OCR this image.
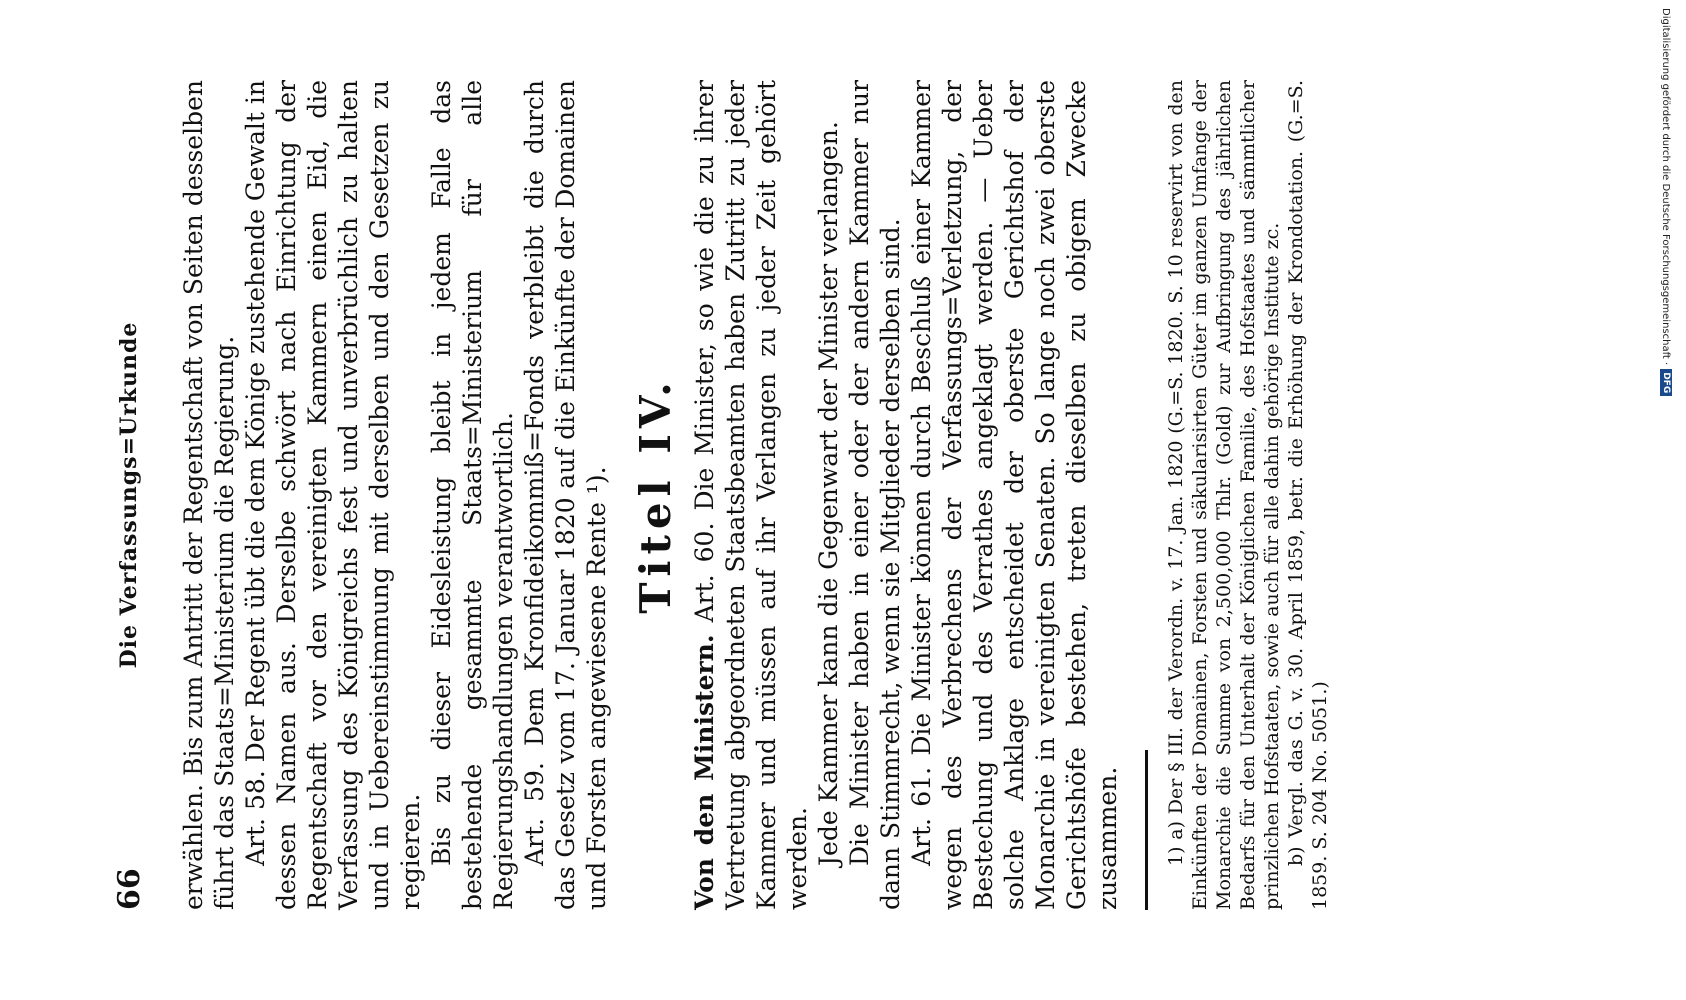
66
Die Verfassungs=Urkunde erwählen. Bis zum Antritt der Regentschaft von Seiten desselben führt das Staats=Ministerium die Regierung. Art. 58. Der Regent übt die dem Könige zustehende Gewalt in dessen Namen aus. Derselbe schwört nach Einrichtung der Regentschaft vor den vereinigten Kammern einen Eid, die Verfassung des Königreichs fest und unverbrüchlich zu halten und in Uebereinstimmung mit derselben und den Gesetzen zu regieren. Bis zu dieser Eidesleistung bleibt in jedem Falle das bestehende gesammte Staats=Ministerium für alle Regierungshandlungen verantwortlich. Art. 59. Dem Kronfideikommiß=Fonds verbleibt die durch das Gesetz vom 17. Januar 1820 auf die Einkünfte der Domainen und Forsten angewiesene Rente ¹). Titel IV.

Von den Ministern. Art. 60. Die Minister, so wie die zu ihrer Vertretung abgeordneten Staatsbeamten haben Zutritt zu jeder Kammer und müssen auf ihr Verlangen zu jeder Zeit gehört werden. Jede Kammer kann die Gegenwart der Minister verlangen. Die Minister haben in einer oder der andern Kammer nur dann Stimmrecht, wenn sie Mitglieder derselben sind. Art. 61. Die Minister können durch Beschluß einer Kammer wegen des Verbrechens der Verfassungs=Verletzung, der Bestechung und des Verrathes angeklagt werden. — Ueber solche Anklage entscheidet der oberste Gerichtshof der Monarchie in vereinigten Senaten. So lange noch zwei oberste Gerichtshöfe bestehen, treten dieselben zu obigem Zwecke zusammen. 1) a) Der § III. der Verordn. v. 17. Jan. 1820 (G.=S. 1820. S. 10 reservirt von den Einkünften der Domainen, Forsten und säkularisirten Güter im ganzen Umfange der Monarchie die Summe von 2,500,000 Thlr. (Gold) zur Aufbringung des jährlichen Bedarfs für den Unterhalt der Königlichen Familie, des Hofstaates und sämmtlicher prinzlichen Hofstaaten, sowie auch für alle dahin gehörige Institute zc. b) Vergl. das G. v. 30. April 1859, betr. die Erhöhung der Krondotation. (G.=S. 1859. S. 204 No. 5051.)

Digitalisierung gefördert durch die Deutsche Forschungsgemeinschaft ·DFG
